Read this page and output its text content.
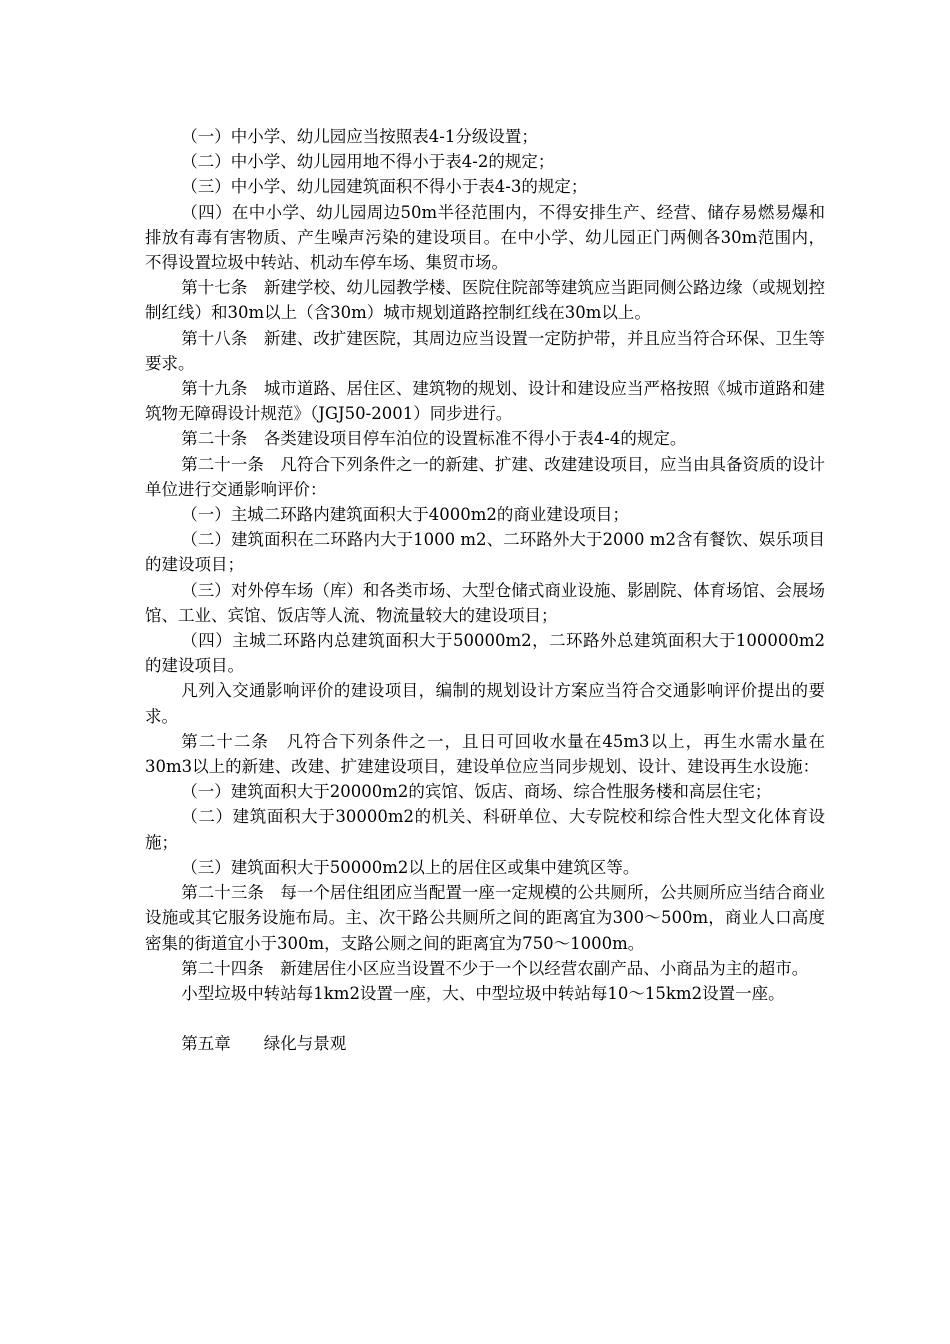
（一）中小学、幼儿园应当按照表4-1分级设置；

（二）中小学、幼儿园用地不得小于表4-2的规定；

（三）中小学、幼儿园建筑面积不得小于表4-3的规定；

（四）在中小学、幼儿园周边50m半径范围内，不得安排生产、经营、储存易燃易爆和排放有毒有害物质、产生噪声污染的建设项目。在中小学、幼儿园正门两侧各30m范围内，不得设置垃圾中转站、机动车停车场、集贸市场。

第十七条　新建学校、幼儿园教学楼、医院住院部等建筑应当距同侧公路边缘（或规划控制红线）和30m以上（含30m）城市规划道路控制红线在30m以上。

第十八条　新建、改扩建医院，其周边应当设置一定防护带，并且应当符合环保、卫生等要求。

第十九条　城市道路、居住区、建筑物的规划、设计和建设应当严格按照《城市道路和建筑物无障碍设计规范》（JGJ50-2001）同步进行。

第二十条　各类建设项目停车泊位的设置标准不得小于表4-4的规定。

第二十一条　凡符合下列条件之一的新建、扩建、改建建设项目，应当由具备资质的设计单位进行交通影响评价：

（一）主城二环路内建筑面积大于4000m2的商业建设项目；

（二）建筑面积在二环路内大于1000 m2、二环路外大于2000 m2含有餐饮、娱乐项目的建设项目；

（三）对外停车场（库）和各类市场、大型仓储式商业设施、影剧院、体育场馆、会展场馆、工业、宾馆、饭店等人流、物流量较大的建设项目；

（四）主城二环路内总建筑面积大于50000m2，二环路外总建筑面积大于100000m2的建设项目。

凡列入交通影响评价的建设项目，编制的规划设计方案应当符合交通影响评价提出的要求。

第二十二条　凡符合下列条件之一，且日可回收水量在45m3以上，再生水需水量在30m3以上的新建、改建、扩建建设项目，建设单位应当同步规划、设计、建设再生水设施：

（一）建筑面积大于20000m2的宾馆、饭店、商场、综合性服务楼和高层住宅；

（二）建筑面积大于30000m2的机关、科研单位、大专院校和综合性大型文化体育设施；

（三）建筑面积大于50000m2以上的居住区或集中建筑区等。

第二十三条　每一个居住组团应当配置一座一定规模的公共厕所，公共厕所应当结合商业设施或其它服务设施布局。主、次干路公共厕所之间的距离宜为300～500m，商业人口高度密集的街道宜小于300m，支路公厕之间的距离宜为750～1000m。

第二十四条　新建居住小区应当设置不少于一个以经营农副产品、小商品为主的超市。

小型垃圾中转站每1km2设置一座，大、中型垃圾中转站每10～15km2设置一座。

第五章　　绿化与景观
